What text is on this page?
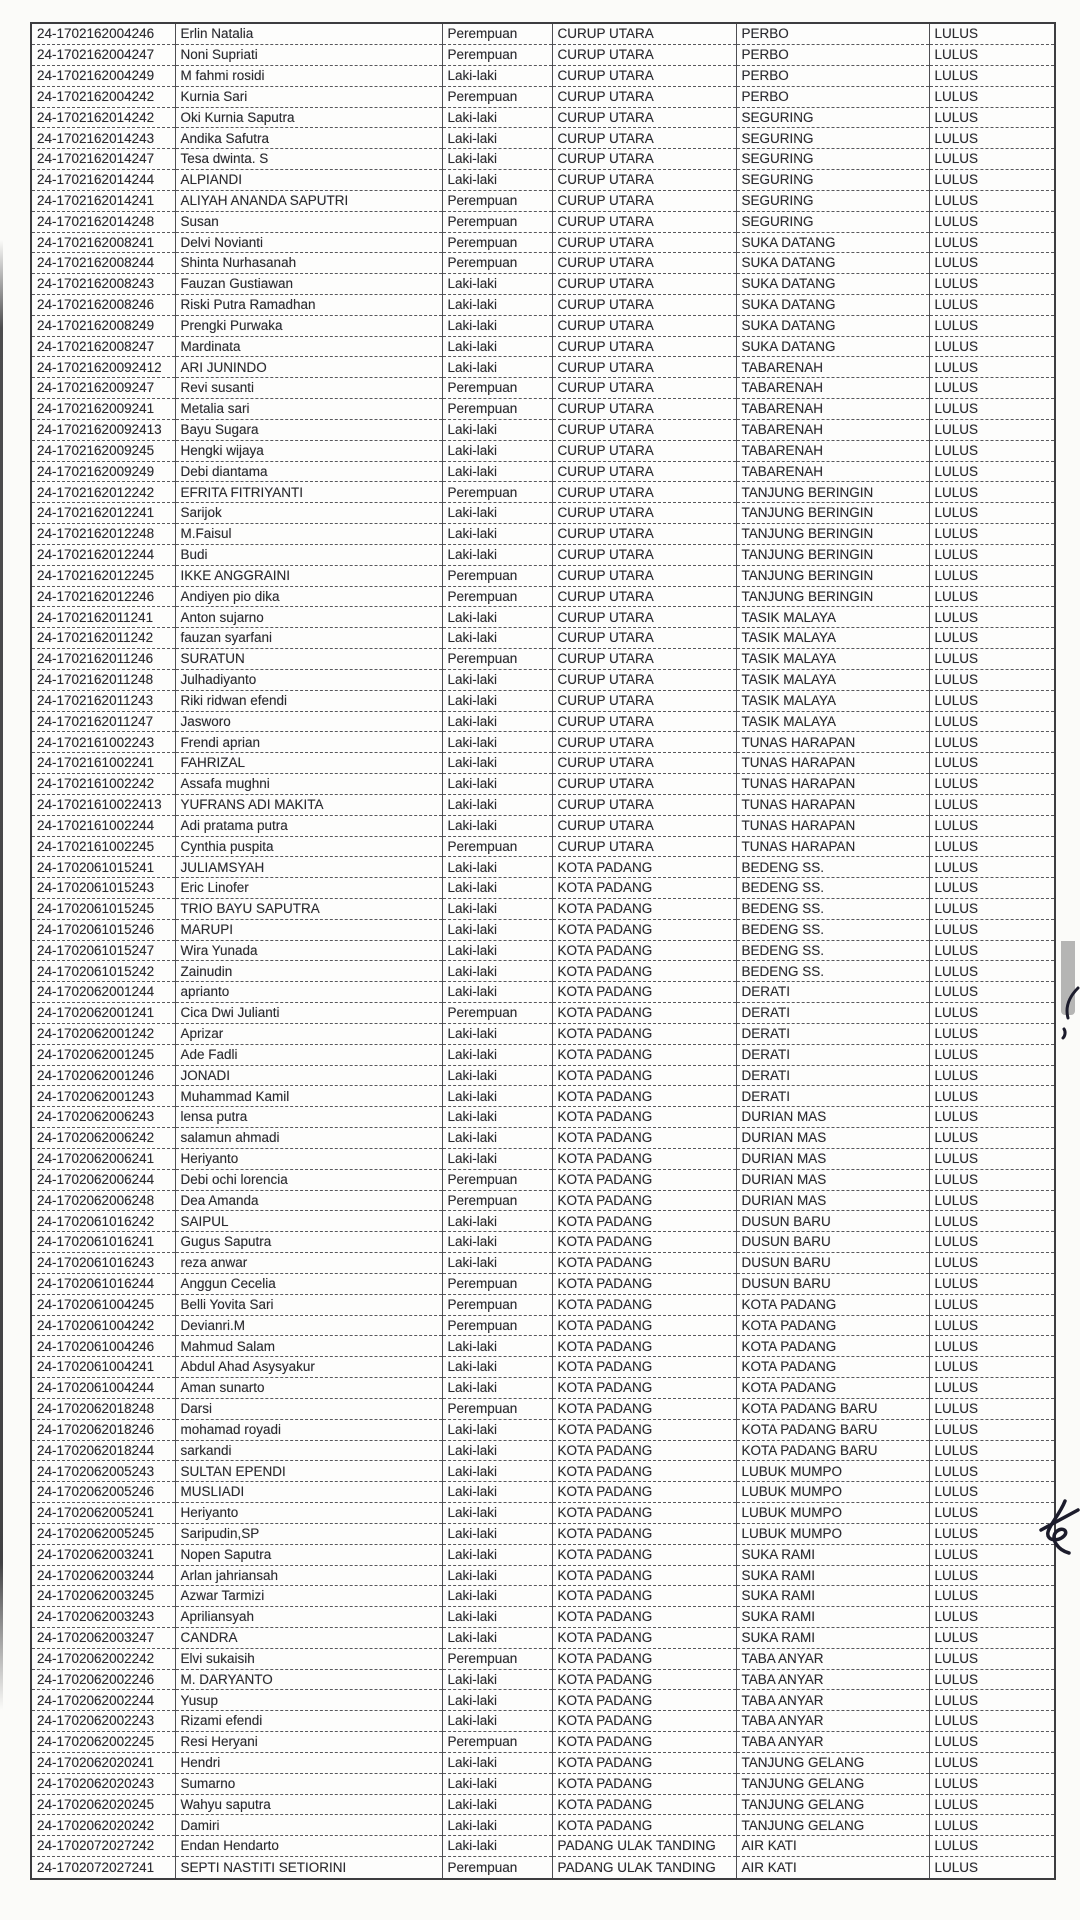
24-1702162004246	Erlin Natalia	Perempuan	CURUP UTARA	PERBO	LULUS
24-1702162004247	Noni Supriati	Perempuan	CURUP UTARA	PERBO	LULUS
24-1702162004249	M fahmi rosidi	Laki-laki	CURUP UTARA	PERBO	LULUS
24-1702162004242	Kurnia Sari	Perempuan	CURUP UTARA	PERBO	LULUS
24-1702162014242	Oki Kurnia Saputra	Laki-laki	CURUP UTARA	SEGURING	LULUS
24-1702162014243	Andika Safutra	Laki-laki	CURUP UTARA	SEGURING	LULUS
24-1702162014247	Tesa dwinta. S	Laki-laki	CURUP UTARA	SEGURING	LULUS
24-1702162014244	ALPIANDI	Laki-laki	CURUP UTARA	SEGURING	LULUS
24-1702162014241	ALIYAH ANANDA SAPUTRI	Perempuan	CURUP UTARA	SEGURING	LULUS
24-1702162014248	Susan	Perempuan	CURUP UTARA	SEGURING	LULUS
24-1702162008241	Delvi Novianti	Perempuan	CURUP UTARA	SUKA DATANG	LULUS
24-1702162008244	Shinta Nurhasanah	Perempuan	CURUP UTARA	SUKA DATANG	LULUS
24-1702162008243	Fauzan Gustiawan	Laki-laki	CURUP UTARA	SUKA DATANG	LULUS
24-1702162008246	Riski Putra Ramadhan	Laki-laki	CURUP UTARA	SUKA DATANG	LULUS
24-1702162008249	Prengki Purwaka	Laki-laki	CURUP UTARA	SUKA DATANG	LULUS
24-1702162008247	Mardinata	Laki-laki	CURUP UTARA	SUKA DATANG	LULUS
24-17021620092412	ARI JUNINDO	Laki-laki	CURUP UTARA	TABARENAH	LULUS
24-1702162009247	Revi susanti	Perempuan	CURUP UTARA	TABARENAH	LULUS
24-1702162009241	Metalia sari	Perempuan	CURUP UTARA	TABARENAH	LULUS
24-17021620092413	Bayu Sugara	Laki-laki	CURUP UTARA	TABARENAH	LULUS
24-1702162009245	Hengki wijaya	Laki-laki	CURUP UTARA	TABARENAH	LULUS
24-1702162009249	Debi diantama	Laki-laki	CURUP UTARA	TABARENAH	LULUS
24-1702162012242	EFRITA FITRIYANTI	Perempuan	CURUP UTARA	TANJUNG BERINGIN	LULUS
24-1702162012241	Sarijok	Laki-laki	CURUP UTARA	TANJUNG BERINGIN	LULUS
24-1702162012248	M.Faisul	Laki-laki	CURUP UTARA	TANJUNG BERINGIN	LULUS
24-1702162012244	Budi	Laki-laki	CURUP UTARA	TANJUNG BERINGIN	LULUS
24-1702162012245	IKKE ANGGRAINI	Perempuan	CURUP UTARA	TANJUNG BERINGIN	LULUS
24-1702162012246	Andiyen pio dika	Perempuan	CURUP UTARA	TANJUNG BERINGIN	LULUS
24-1702162011241	Anton sujarno	Laki-laki	CURUP UTARA	TASIK MALAYA	LULUS
24-1702162011242	fauzan syarfani	Laki-laki	CURUP UTARA	TASIK MALAYA	LULUS
24-1702162011246	SURATUN	Perempuan	CURUP UTARA	TASIK MALAYA	LULUS
24-1702162011248	Julhadiyanto	Laki-laki	CURUP UTARA	TASIK MALAYA	LULUS
24-1702162011243	Riki ridwan efendi	Laki-laki	CURUP UTARA	TASIK MALAYA	LULUS
24-1702162011247	Jasworo	Laki-laki	CURUP UTARA	TASIK MALAYA	LULUS
24-1702161002243	Frendi aprian	Laki-laki	CURUP UTARA	TUNAS HARAPAN	LULUS
24-1702161002241	FAHRIZAL	Laki-laki	CURUP UTARA	TUNAS HARAPAN	LULUS
24-1702161002242	Assafa mughni	Laki-laki	CURUP UTARA	TUNAS HARAPAN	LULUS
24-17021610022413	YUFRANS ADI MAKITA	Laki-laki	CURUP UTARA	TUNAS HARAPAN	LULUS
24-1702161002244	Adi pratama putra	Laki-laki	CURUP UTARA	TUNAS HARAPAN	LULUS
24-1702161002245	Cynthia puspita	Perempuan	CURUP UTARA	TUNAS HARAPAN	LULUS
24-1702061015241	JULIAMSYAH	Laki-laki	KOTA PADANG	BEDENG SS.	LULUS
24-1702061015243	Eric Linofer	Laki-laki	KOTA PADANG	BEDENG SS.	LULUS
24-1702061015245	TRIO BAYU SAPUTRA	Laki-laki	KOTA PADANG	BEDENG SS.	LULUS
24-1702061015246	MARUPI	Laki-laki	KOTA PADANG	BEDENG SS.	LULUS
24-1702061015247	Wira Yunada	Laki-laki	KOTA PADANG	BEDENG SS.	LULUS
24-1702061015242	Zainudin	Laki-laki	KOTA PADANG	BEDENG SS.	LULUS
24-1702062001244	aprianto	Laki-laki	KOTA PADANG	DERATI	LULUS
24-1702062001241	Cica Dwi Julianti	Perempuan	KOTA PADANG	DERATI	LULUS
24-1702062001242	Aprizar	Laki-laki	KOTA PADANG	DERATI	LULUS
24-1702062001245	Ade Fadli	Laki-laki	KOTA PADANG	DERATI	LULUS
24-1702062001246	JONADI	Laki-laki	KOTA PADANG	DERATI	LULUS
24-1702062001243	Muhammad Kamil	Laki-laki	KOTA PADANG	DERATI	LULUS
24-1702062006243	lensa putra	Laki-laki	KOTA PADANG	DURIAN MAS	LULUS
24-1702062006242	salamun ahmadi	Laki-laki	KOTA PADANG	DURIAN MAS	LULUS
24-1702062006241	Heriyanto	Laki-laki	KOTA PADANG	DURIAN MAS	LULUS
24-1702062006244	Debi ochi lorencia	Perempuan	KOTA PADANG	DURIAN MAS	LULUS
24-1702062006248	Dea Amanda	Perempuan	KOTA PADANG	DURIAN MAS	LULUS
24-1702061016242	SAIPUL	Laki-laki	KOTA PADANG	DUSUN BARU	LULUS
24-1702061016241	Gugus Saputra	Laki-laki	KOTA PADANG	DUSUN BARU	LULUS
24-1702061016243	reza anwar	Laki-laki	KOTA PADANG	DUSUN BARU	LULUS
24-1702061016244	Anggun Cecelia	Perempuan	KOTA PADANG	DUSUN BARU	LULUS
24-1702061004245	Belli Yovita Sari	Perempuan	KOTA PADANG	KOTA PADANG	LULUS
24-1702061004242	Devianri.M	Perempuan	KOTA PADANG	KOTA PADANG	LULUS
24-1702061004246	Mahmud Salam	Laki-laki	KOTA PADANG	KOTA PADANG	LULUS
24-1702061004241	Abdul Ahad Asysyakur	Laki-laki	KOTA PADANG	KOTA PADANG	LULUS
24-1702061004244	Aman sunarto	Laki-laki	KOTA PADANG	KOTA PADANG	LULUS
24-1702062018248	Darsi	Perempuan	KOTA PADANG	KOTA PADANG BARU	LULUS
24-1702062018246	mohamad royadi	Laki-laki	KOTA PADANG	KOTA PADANG BARU	LULUS
24-1702062018244	sarkandi	Laki-laki	KOTA PADANG	KOTA PADANG BARU	LULUS
24-1702062005243	SULTAN EPENDI	Laki-laki	KOTA PADANG	LUBUK MUMPO	LULUS
24-1702062005246	MUSLIADI	Laki-laki	KOTA PADANG	LUBUK MUMPO	LULUS
24-1702062005241	Heriyanto	Laki-laki	KOTA PADANG	LUBUK MUMPO	LULUS
24-1702062005245	Saripudin,SP	Laki-laki	KOTA PADANG	LUBUK MUMPO	LULUS
24-1702062003241	Nopen Saputra	Laki-laki	KOTA PADANG	SUKA RAMI	LULUS
24-1702062003244	Arlan jahriansah	Laki-laki	KOTA PADANG	SUKA RAMI	LULUS
24-1702062003245	Azwar Tarmizi	Laki-laki	KOTA PADANG	SUKA RAMI	LULUS
24-1702062003243	Apriliansyah	Laki-laki	KOTA PADANG	SUKA RAMI	LULUS
24-1702062003247	CANDRA	Laki-laki	KOTA PADANG	SUKA RAMI	LULUS
24-1702062002242	Elvi sukaisih	Perempuan	KOTA PADANG	TABA ANYAR	LULUS
24-1702062002246	M. DARYANTO	Laki-laki	KOTA PADANG	TABA ANYAR	LULUS
24-1702062002244	Yusup	Laki-laki	KOTA PADANG	TABA ANYAR	LULUS
24-1702062002243	Rizami efendi	Laki-laki	KOTA PADANG	TABA ANYAR	LULUS
24-1702062002245	Resi Heryani	Perempuan	KOTA PADANG	TABA ANYAR	LULUS
24-1702062020241	Hendri	Laki-laki	KOTA PADANG	TANJUNG GELANG	LULUS
24-1702062020243	Sumarno	Laki-laki	KOTA PADANG	TANJUNG GELANG	LULUS
24-1702062020245	Wahyu saputra	Laki-laki	KOTA PADANG	TANJUNG GELANG	LULUS
24-1702062020242	Damiri	Laki-laki	KOTA PADANG	TANJUNG GELANG	LULUS
24-1702072027242	Endan Hendarto	Laki-laki	PADANG ULAK TANDING	AIR KATI	LULUS
24-1702072027241	SEPTI NASTITI SETIORINI	Perempuan	PADANG ULAK TANDING	AIR KATI	LULUS
